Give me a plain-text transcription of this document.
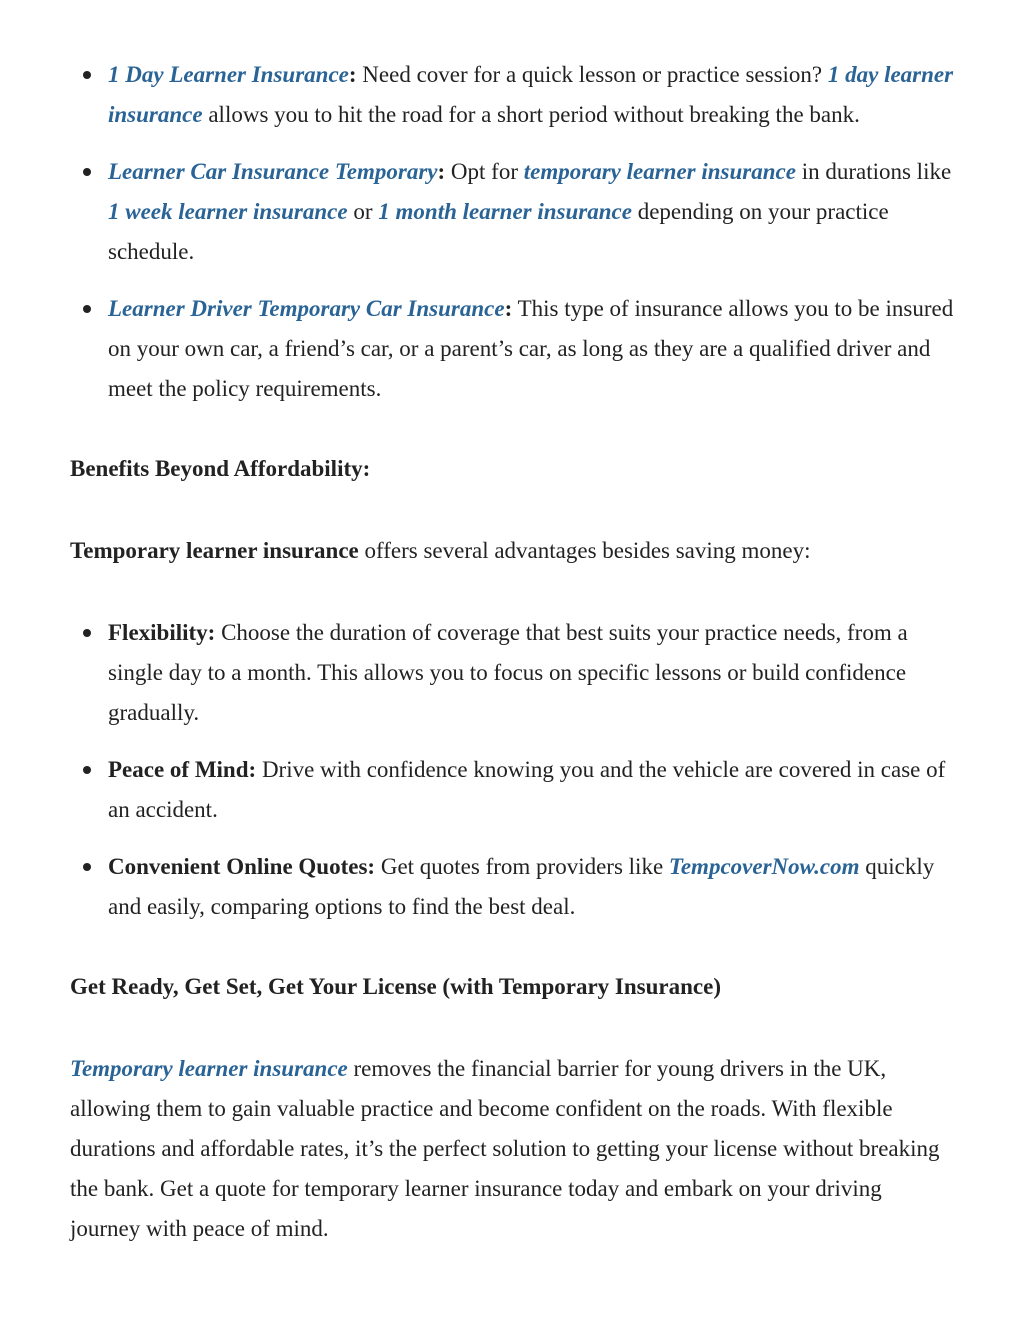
1 Day Learner Insurance: Need cover for a quick lesson or practice session? 1 day learner insurance allows you to hit the road for a short period without breaking the bank.
Learner Car Insurance Temporary: Opt for temporary learner insurance in durations like 1 week learner insurance or 1 month learner insurance depending on your practice schedule.
Learner Driver Temporary Car Insurance: This type of insurance allows you to be insured on your own car, a friend’s car, or a parent’s car, as long as they are a qualified driver and meet the policy requirements.
Benefits Beyond Affordability:

Temporary learner insurance offers several advantages besides saving money:

Flexibility: Choose the duration of coverage that best suits your practice needs, from a single day to a month. This allows you to focus on specific lessons or build confidence gradually.
Peace of Mind: Drive with confidence knowing you and the vehicle are covered in case of an accident.
Convenient Online Quotes: Get quotes from providers like TempcoverNow.com quickly and easily, comparing options to find the best deal.
Get Ready, Get Set, Get Your License (with Temporary Insurance)

Temporary learner insurance removes the financial barrier for young drivers in the UK, allowing them to gain valuable practice and become confident on the roads. With flexible durations and affordable rates, it’s the perfect solution to getting your license without breaking the bank. Get a quote for temporary learner insurance today and embark on your driving journey with peace of mind.
